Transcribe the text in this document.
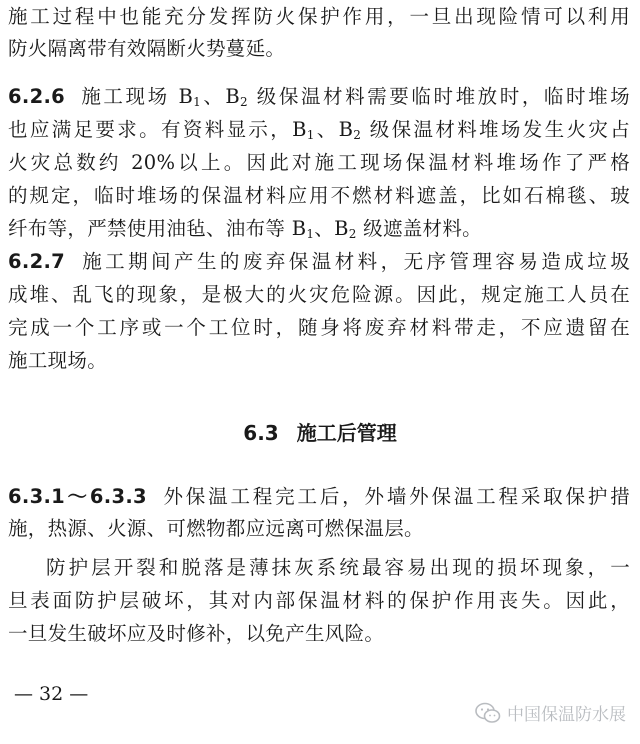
施工过程中也能充分发挥防火保护作用，一旦出现险情可以利用
防火隔离带有效隔断火势蔓延。
6.2.6 施工现场 $B_1$、$B_2$ 级保温材料需要临时堆放时，临时堆场
也应满足要求。有资料显示，$B_1$、$B_2$ 级保温材料堆场发生火灾占
火灾总数约 20%以上。因此对施工现场保温材料堆场作了严格
的规定，临时堆场的保温材料应用不燃材料遮盖，比如石棉毯、玻
纤布等，严禁使用油毡、油布等 $B_1$、$B_2$ 级遮盖材料。
6.2.7 施工期间产生的废弃保温材料，无序管理容易造成垃圾
成堆、乱飞的现象，是极大的火灾危险源。因此，规定施工人员在
完成一个工序或一个工位时，随身将废弃材料带走，不应遗留在
施工现场。
6.3 施工后管理
6.3.1～6.3.3 外保温工程完工后，外墙外保温工程采取保护措
施，热源、火源、可燃物都应远离可燃保温层。
防护层开裂和脱落是薄抹灰系统最容易出现的损坏现象，一
旦表面防护层破坏，其对内部保温材料的保护作用丧失。因此，
一旦发生破坏应及时修补，以免产生风险。
— 32 —
中国保温防水展
